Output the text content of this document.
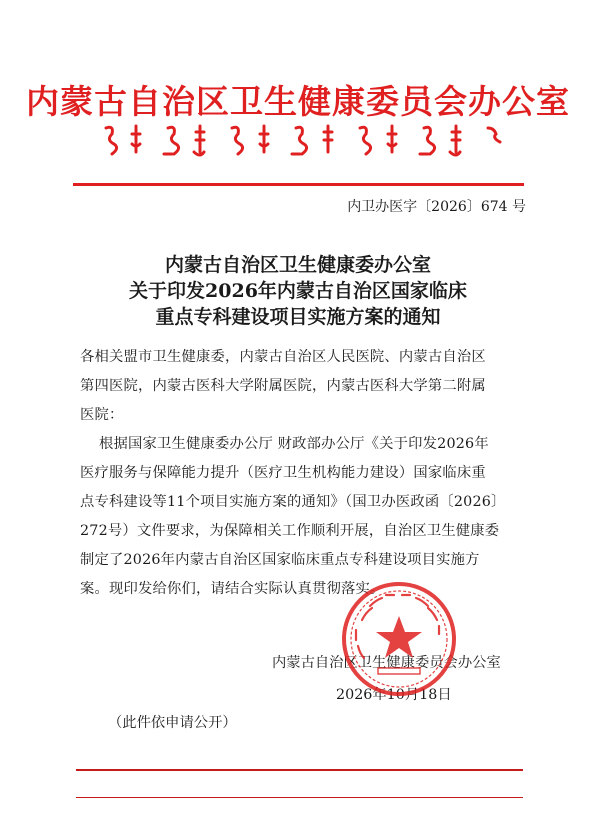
内蒙古自治区卫生健康委员会办公室
内卫办医字〔2026〕674 号
内蒙古自治区卫生健康委办公室
关于印发2026年内蒙古自治区国家临床
重点专科建设项目实施方案的通知
各相关盟市卫生健康委，内蒙古自治区人民医院、内蒙古自治区
第四医院，内蒙古医科大学附属医院，内蒙古医科大学第二附属
医院：
根据国家卫生健康委办公厅 财政部办公厅《关于印发2026年
医疗服务与保障能力提升（医疗卫生机构能力建设）国家临床重
点专科建设等11个项目实施方案的通知》（国卫办医政函〔2026〕
272号）文件要求，为保障相关工作顺利开展，自治区卫生健康委
制定了2026年内蒙古自治区国家临床重点专科建设项目实施方
案。现印发给你们，请结合实际认真贯彻落实。
内蒙古自治区卫生健康委员会办公室
2026年10月18日
（此件依申请公开）
